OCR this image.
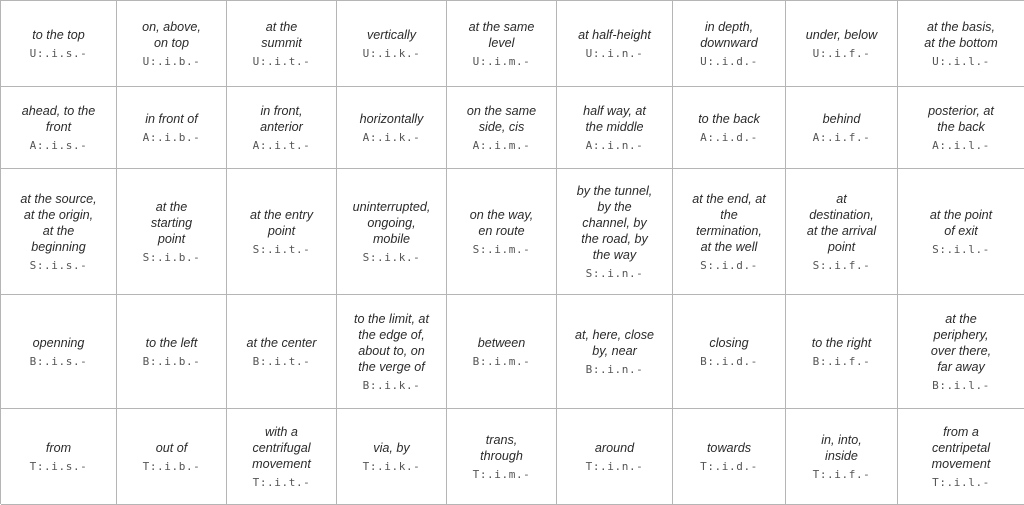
to the top
U:.i.s.-
on, above,
on top
U:.i.b.-
at the
summit
U:.i.t.-
vertically
U:.i.k.-
at the same
level
U:.i.m.-
at half-height
U:.i.n.-
in depth,
downward
U:.i.d.-
under, below
U:.i.f.-
at the basis,
at the bottom
U:.i.l.-
ahead, to the
front
A:.i.s.-
in front of
A:.i.b.-
in front,
anterior
A:.i.t.-
horizontally
A:.i.k.-
on the same
side, cis
A:.i.m.-
half way, at
the middle
A:.i.n.-
to the back
A:.i.d.-
behind
A:.i.f.-
posterior, at
the back
A:.i.l.-
at the source,
at the origin,
at the
beginning
S:.i.s.-
at the
starting
point
S:.i.b.-
at the entry
point
S:.i.t.-
uninterrupted,
ongoing,
mobile
S:.i.k.-
on the way,
en route
S:.i.m.-
by the tunnel,
by the
channel, by
the road, by
the way
S:.i.n.-
at the end, at
the
termination,
at the well
S:.i.d.-
at
destination,
at the arrival
point
S:.i.f.-
at the point
of exit
S:.i.l.-
openning
B:.i.s.-
to the left
B:.i.b.-
at the center
B:.i.t.-
to the limit, at
the edge of,
about to, on
the verge of
B:.i.k.-
between
B:.i.m.-
at, here, close
by, near
B:.i.n.-
closing
B:.i.d.-
to the right
B:.i.f.-
at the
periphery,
over there,
far away
B:.i.l.-
from
T:.i.s.-
out of
T:.i.b.-
with a
centrifugal
movement
T:.i.t.-
via, by
T:.i.k.-
trans,
through
T:.i.m.-
around
T:.i.n.-
towards
T:.i.d.-
in, into,
inside
T:.i.f.-
from a
centripetal
movement
T:.i.l.-
